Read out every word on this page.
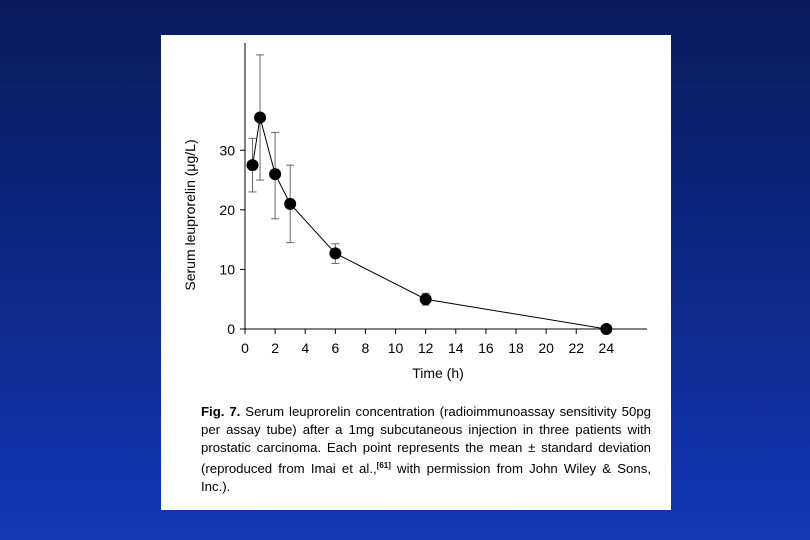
0 2 4 6 8 10 12 14 16 18 20 22 24
0
10
20
30
Time (h)
Serum leuprorelin (μg/L)
Fig. 7. Serum leuprorelin concentration (radioimmunoassay sensitivity 50pg per assay tube) after a 1mg subcutaneous injection in three patients with prostatic carcinoma. Each point represents the mean ± standard deviation (reproduced from Imai et al.,[61] with permission from John Wiley & Sons, Inc.).
